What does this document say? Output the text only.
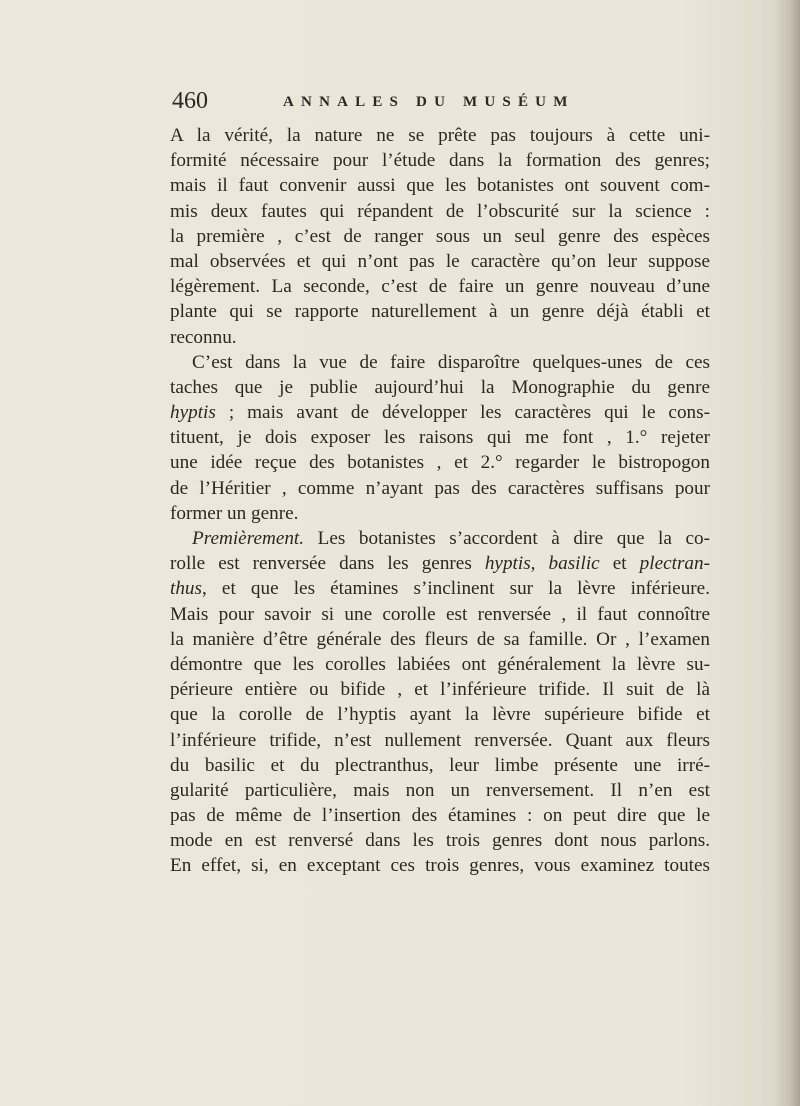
460	ANNALES DU MUSÉUM
A la vérité, la nature ne se prête pas toujours à cette uni-
formité nécessaire pour l’étude dans la formation des genres;
mais il faut convenir aussi que les botanistes ont souvent com-
mis deux fautes qui répandent de l’obscurité sur la science :
la première , c’est de ranger sous un seul genre des espèces
mal observées et qui n’ont pas le caractère qu’on leur suppose
légèrement. La seconde, c’est de faire un genre nouveau d’une
plante qui se rapporte naturellement à un genre déjà établi et
reconnu.
C’est dans la vue de faire disparoître quelques-unes de ces
taches que je publie aujourd’hui la Monographie du genre
hyptis ; mais avant de développer les caractères qui le cons-
tituent, je dois exposer les raisons qui me font , 1.° rejeter
une idée reçue des botanistes , et 2.° regarder le bistropogon
de l’Héritier , comme n’ayant pas des caractères suffisans pour
former un genre.
Premièrement. Les botanistes s’accordent à dire que la co-
rolle est renversée dans les genres hyptis, basilic et plectran-
thus, et que les étamines s’inclinent sur la lèvre inférieure.
Mais pour savoir si une corolle est renversée , il faut connoître
la manière d’être générale des fleurs de sa famille. Or , l’examen
démontre que les corolles labiées ont généralement la lèvre su-
périeure entière ou bifide , et l’inférieure trifide. Il suit de là
que la corolle de l’hyptis ayant la lèvre supérieure bifide et
l’inférieure trifide, n’est nullement renversée. Quant aux fleurs
du basilic et du plectranthus, leur limbe présente une irré-
gularité particulière, mais non un renversement. Il n’en est
pas de même de l’insertion des étamines : on peut dire que le
mode en est renversé dans les trois genres dont nous parlons.
En effet, si, en exceptant ces trois genres, vous examinez toutes
